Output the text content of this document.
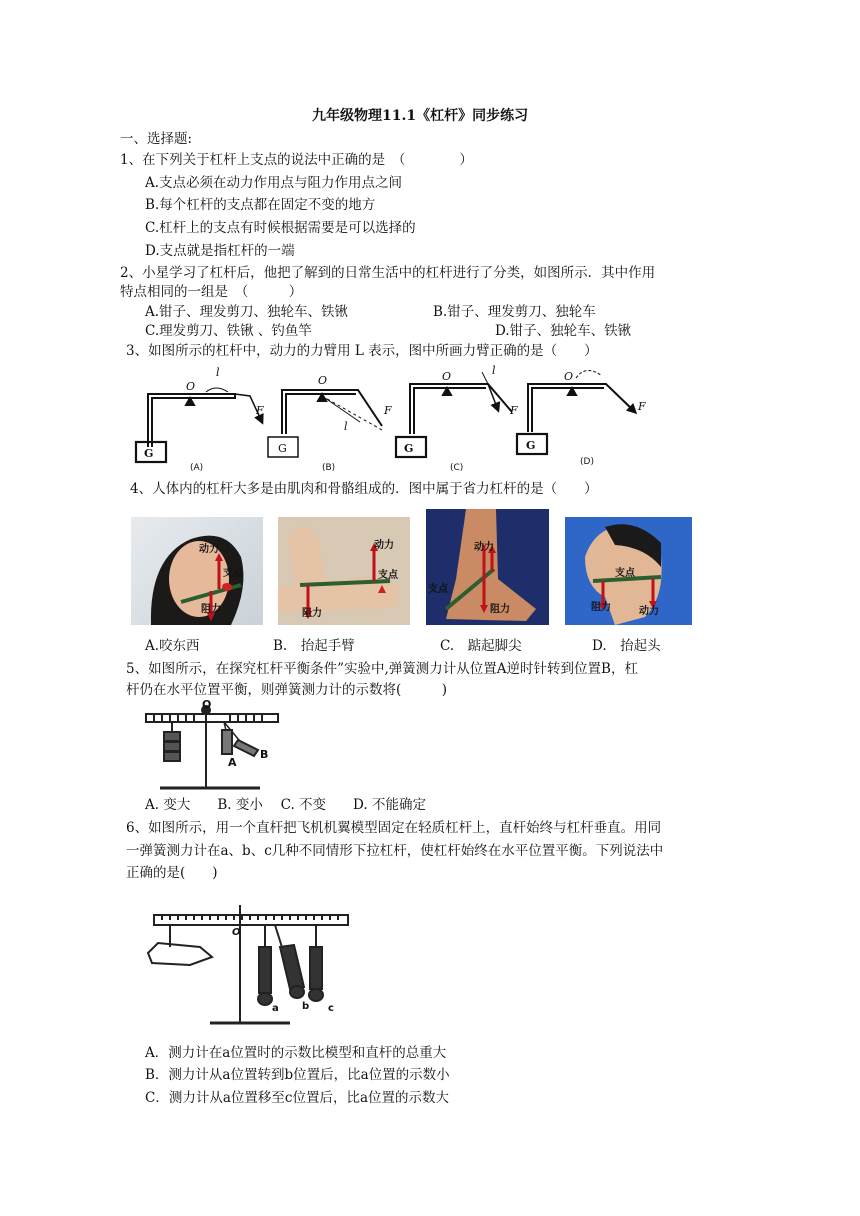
九年级物理11.1《杠杆》同步练习
一、选择题:
1、在下列关于杠杆上支点的说法中正确的是　（　　　　）
A.支点必须在动力作用点与阻力作用点之间
B.每个杠杆的支点都在固定不变的地方
C.杠杆上的支点有时候根据需要是可以选择的
D.支点就是指杠杆的一端
2、小星学习了杠杆后，他把了解到的日常生活中的杠杆进行了分类，如图所示．其中作用
特点相同的一组是　（　　　）
A.钳子、理发剪刀、独轮车、铁锹	B.钳子、理发剪刀、独轮车
C.理发剪刀、铁锹 、钓鱼竿	D.钳子、独轮车、铁锹
3、如图所示的杠杆中，动力的力臂用 L 表示，图中所画力臂正确的是（　　）
O
l
F
G
O
l
F
G
O	l
F
G
O
F
G
(A)	(B)	(C)
(D)
4、人体内的杠杆大多是由肌肉和骨骼组成的．图中属于省力杠杆的是（　　）
动力
支点
阻力
动力
支点
阻力
动力
支点
阻力
支点
阻力	动力
A.咬东西	B.　抬起手臂	C.　踮起脚尖	D.　抬起头
5、如图所示，在探究杠杆平衡条件”实验中,弹簧测力计从位置A逆时针转到位置B，杠
杆仍在水平位置平衡，则弹簧测力计的示数将(　　　)
O
A
B
A. 变大　　B. 变小　 C. 不变　　D. 不能确定
6、如图所示，用一个直杆把飞机机翼模型固定在轻质杠杆上，直杆始终与杠杆垂直。用同
一弹簧测力计在a、b、c几种不同情形下拉杠杆，使杠杆始终在水平位置平衡。下列说法中
正确的是(　　)
O
a b c
A．测力计在a位置时的示数比模型和直杆的总重大
B．测力计从a位置转到b位置后，比a位置的示数小
C．测力计从a位置移至c位置后，比a位置的示数大
